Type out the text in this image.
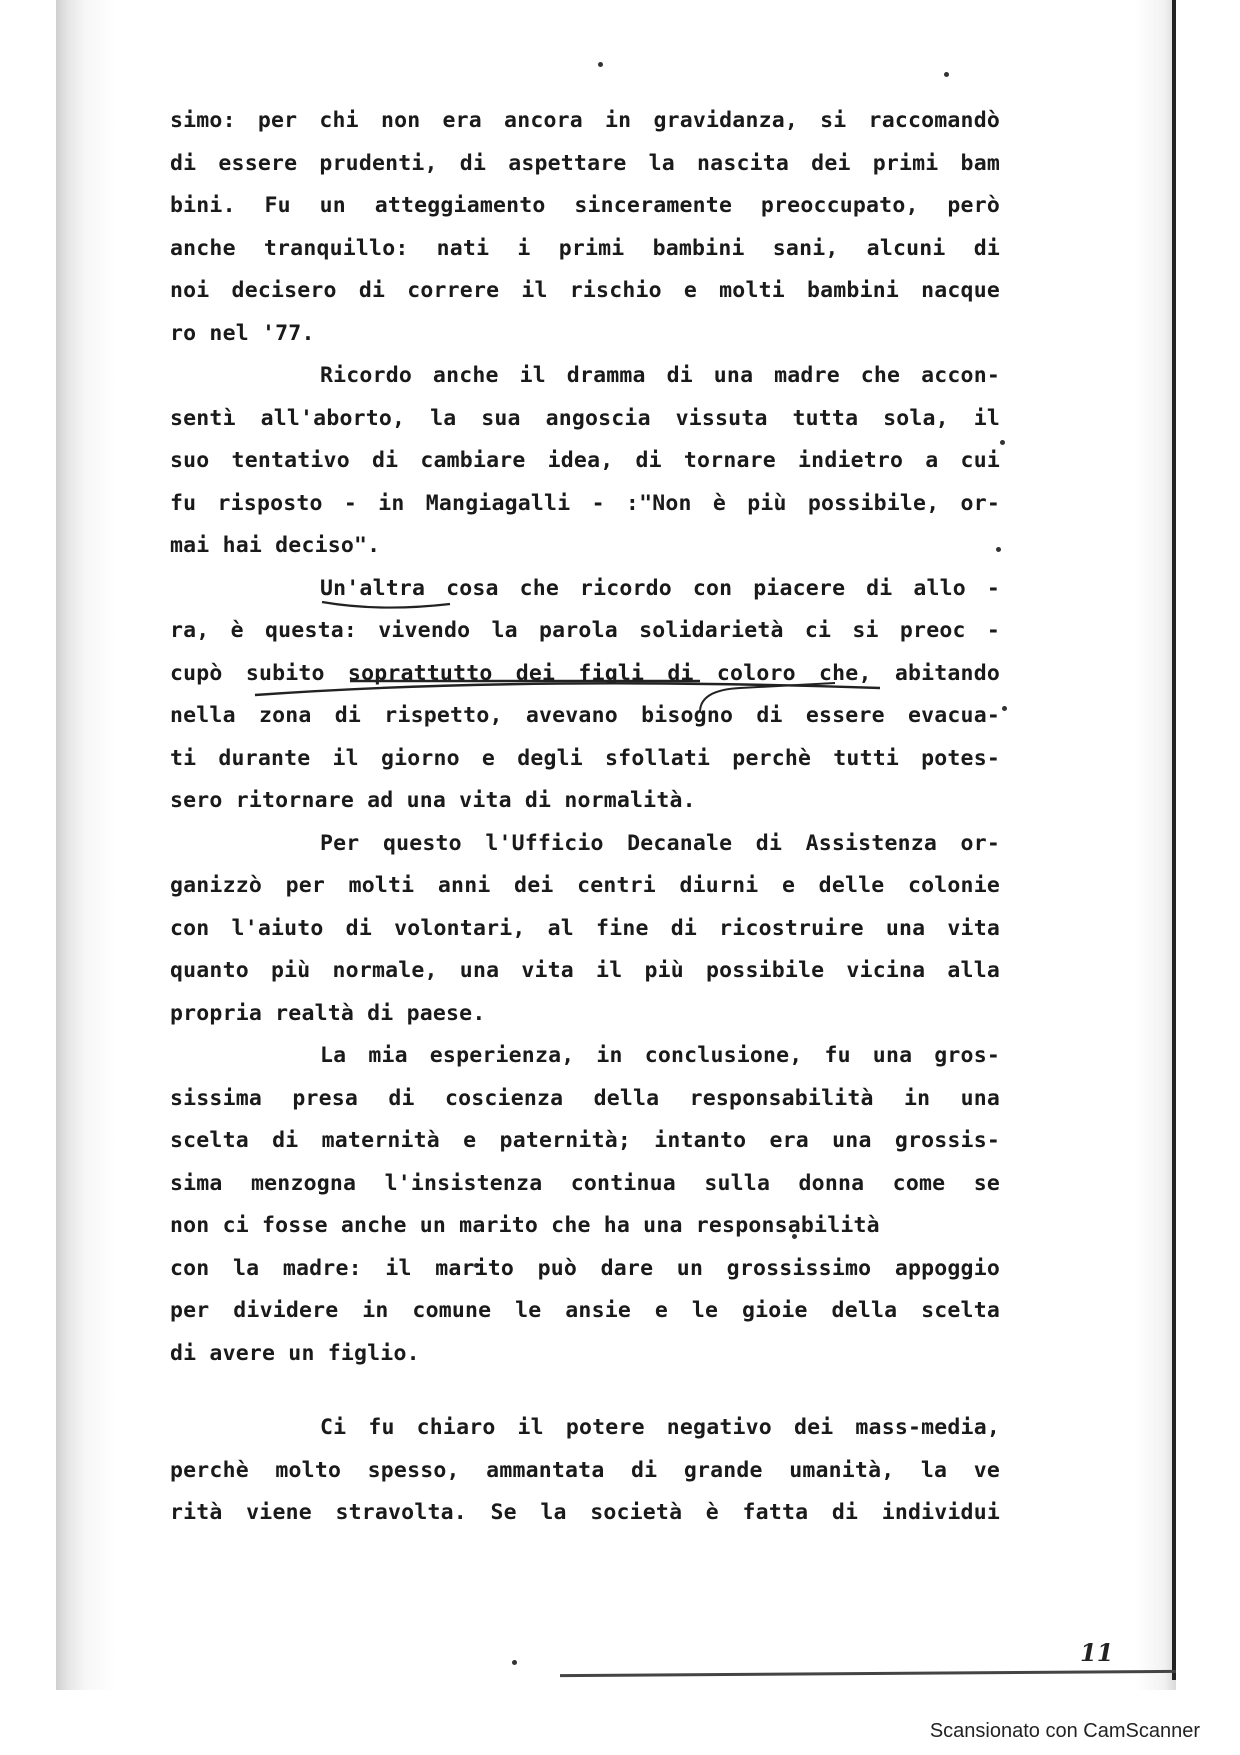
simo: per chi non era ancora in gravidanza, si raccomandò
di essere prudenti, di aspettare la nascita dei primi bam
bini. Fu un atteggiamento sinceramente preoccupato, però
anche tranquillo: nati i primi bambini sani, alcuni di
noi decisero di correre il rischio e molti bambini nacque
ro nel '77.
Ricordo anche il dramma di una madre che accon-
sentì all'aborto, la sua angoscia vissuta tutta sola, il
suo tentativo di cambiare idea, di tornare indietro a cui
fu risposto - in Mangiagalli - :"Non è più possibile, or-
mai hai deciso".
Un'altra cosa che ricordo con piacere di allo -
ra, è questa: vivendo la parola solidarietà ci si preoc -
cupò subito soprattutto dei figli di coloro che, abitando
nella zona di rispetto, avevano bisogno di essere evacua-
ti durante il giorno e degli sfollati perchè tutti potes-
sero ritornare ad una vita di normalità.
Per questo l'Ufficio Decanale di Assistenza or-
ganizzò per molti anni dei centri diurni e delle colonie
con l'aiuto di volontari, al fine di ricostruire una vita
quanto più normale, una vita il più possibile vicina alla
propria realtà di paese.
La mia esperienza, in conclusione, fu una gros-
sissima presa di coscienza della responsabilità in una
scelta di maternità e paternità; intanto era una grossis-
sima menzogna l'insistenza continua sulla donna come se
non ci fosse anche un marito che ha una responsabilità
con la madre: il marito può dare un grossissimo appoggio
per dividere in comune le ansie e le gioie della scelta
di avere un figlio.
Ci fu chiaro il potere negativo dei mass-media,
perchè molto spesso, ammantata di grande umanità, la ve
rità viene stravolta. Se la società è fatta di individui
11
Scansionato con CamScanner
